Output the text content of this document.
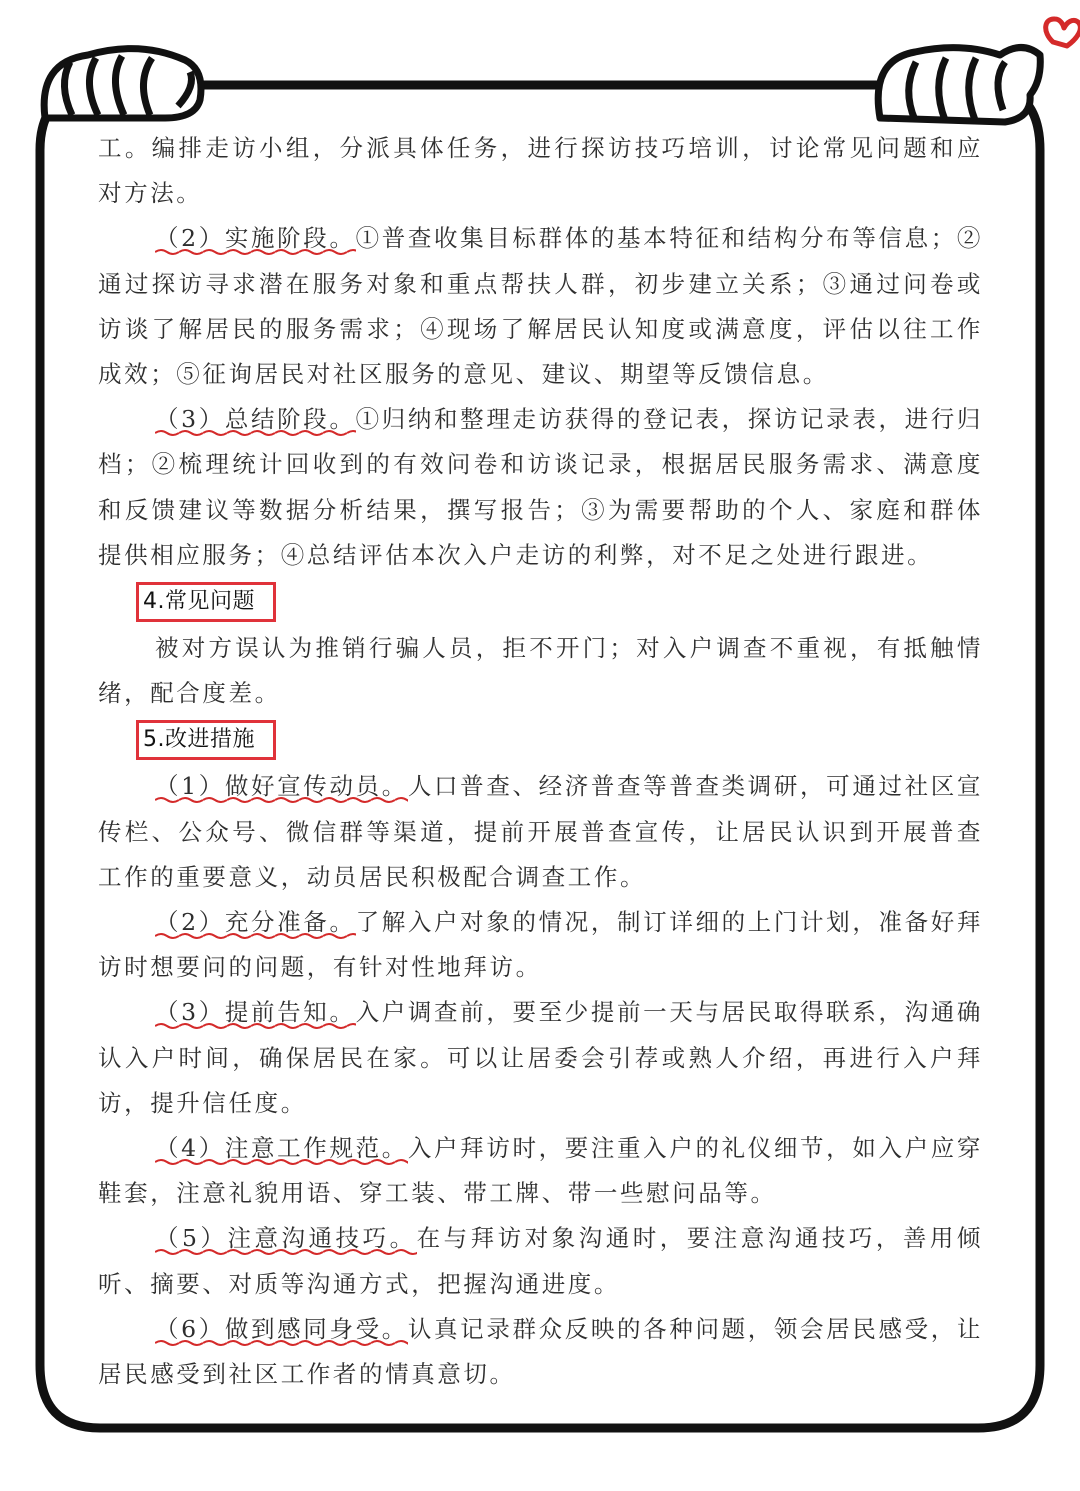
工。编排走访小组，分派具体任务，进行探访技巧培训，讨论常见问题和应对方法。

（2）实施阶段。①普查收集目标群体的基本特征和结构分布等信息；②通过探访寻求潜在服务对象和重点帮扶人群，初步建立关系；③通过问卷或访谈了解居民的服务需求；④现场了解居民认知度或满意度，评估以往工作成效；⑤征询居民对社区服务的意见、建议、期望等反馈信息。

（3）总结阶段。①归纳和整理走访获得的登记表，探访记录表，进行归档；②梳理统计回收到的有效问卷和访谈记录，根据居民服务需求、满意度和反馈建议等数据分析结果，撰写报告；③为需要帮助的个人、家庭和群体提供相应服务；④总结评估本次入户走访的利弊，对不足之处进行跟进。

4.常见问题

被对方误认为推销行骗人员，拒不开门；对入户调查不重视，有抵触情绪，配合度差。

5.改进措施

（1）做好宣传动员。人口普查、经济普查等普查类调研，可通过社区宣传栏、公众号、微信群等渠道，提前开展普查宣传，让居民认识到开展普查工作的重要意义，动员居民积极配合调查工作。

（2）充分准备。了解入户对象的情况，制订详细的上门计划，准备好拜访时想要问的问题，有针对性地拜访。

（3）提前告知。入户调查前，要至少提前一天与居民取得联系，沟通确认入户时间，确保居民在家。可以让居委会引荐或熟人介绍，再进行入户拜访，提升信任度。

（4）注意工作规范。入户拜访时，要注重入户的礼仪细节，如入户应穿鞋套，注意礼貌用语、穿工装、带工牌、带一些慰问品等。

（5）注意沟通技巧。在与拜访对象沟通时，要注意沟通技巧，善用倾听、摘要、对质等沟通方式，把握沟通进度。

（6）做到感同身受。认真记录群众反映的各种问题，领会居民感受，让居民感受到社区工作者的情真意切。
